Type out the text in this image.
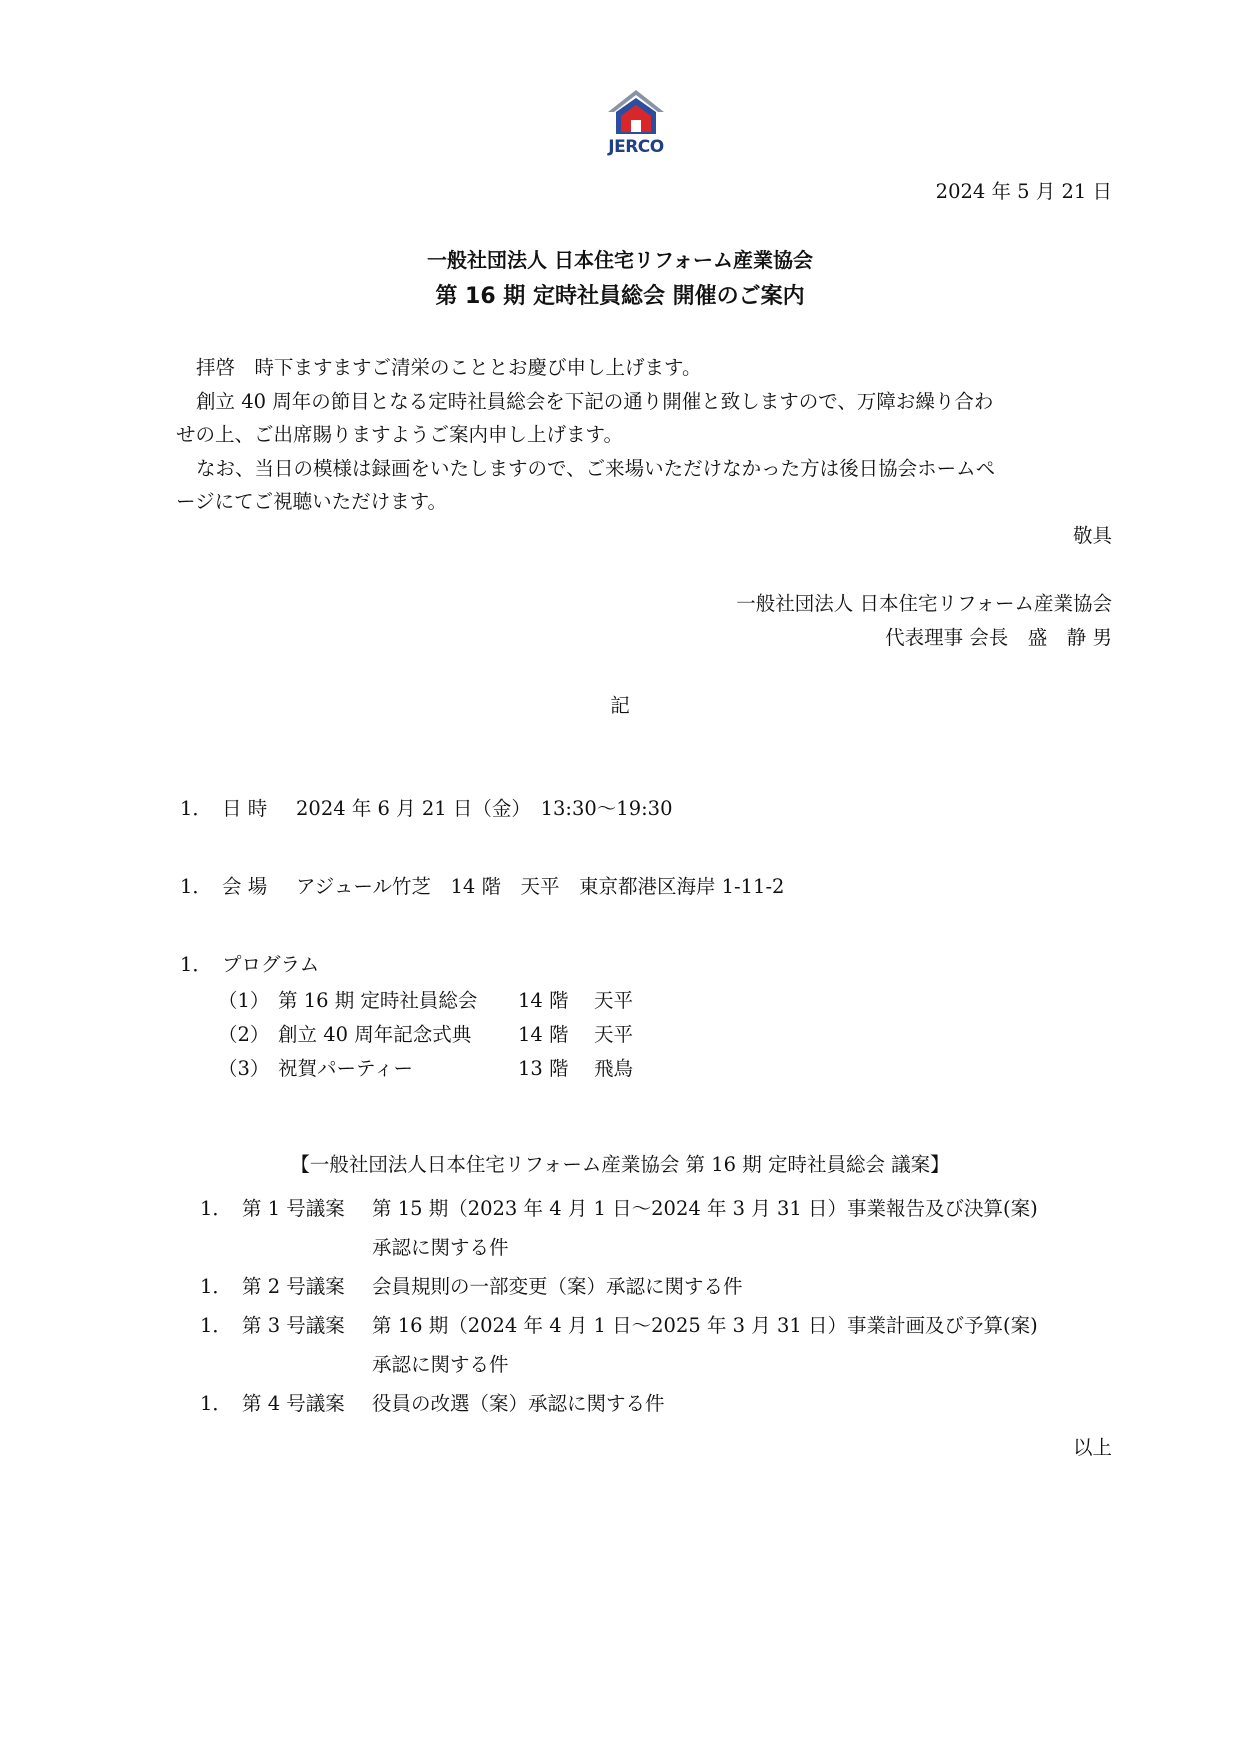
JERCO
2024 年 5 月 21 日
一般社団法人 日本住宅リフォーム産業協会
第 16 期 定時社員総会 開催のご案内
拝啓　時下ますますご清栄のこととお慶び申し上げます。
創立 40 周年の節目となる定時社員総会を下記の通り開催と致しますので、万障お繰り合わ
せの上、ご出席賜りますようご案内申し上げます。
なお、当日の模様は録画をいたしますので、ご来場いただけなかった方は後日協会ホームペ
ージにてご視聴いただけます。
敬具
一般社団法人 日本住宅リフォーム産業協会
代表理事 会長　盛　静 男
記
1． 日 時 2024 年 6 月 21 日（金）　13:30～19:30
1． 会 場 アジュール竹芝　14 階　天平　東京都港区海岸 1-11-2
1． プログラム
（1） 第 16 期 定時社員総会 14 階 天平
（2） 創立 40 周年記念式典 14 階 天平
（3） 祝賀パーティー	13 階 飛鳥
【一般社団法人日本住宅リフォーム産業協会 第 16 期 定時社員総会 議案】
1． 第 1 号議案 第 15 期（2023 年 4 月 1 日～2024 年 3 月 31 日）事業報告及び決算(案)
承認に関する件
1． 第 2 号議案 会員規則の一部変更（案）承認に関する件
1． 第 3 号議案 第 16 期（2024 年 4 月 1 日～2025 年 3 月 31 日）事業計画及び予算(案)
承認に関する件
1． 第 4 号議案 役員の改選（案）承認に関する件
以上
